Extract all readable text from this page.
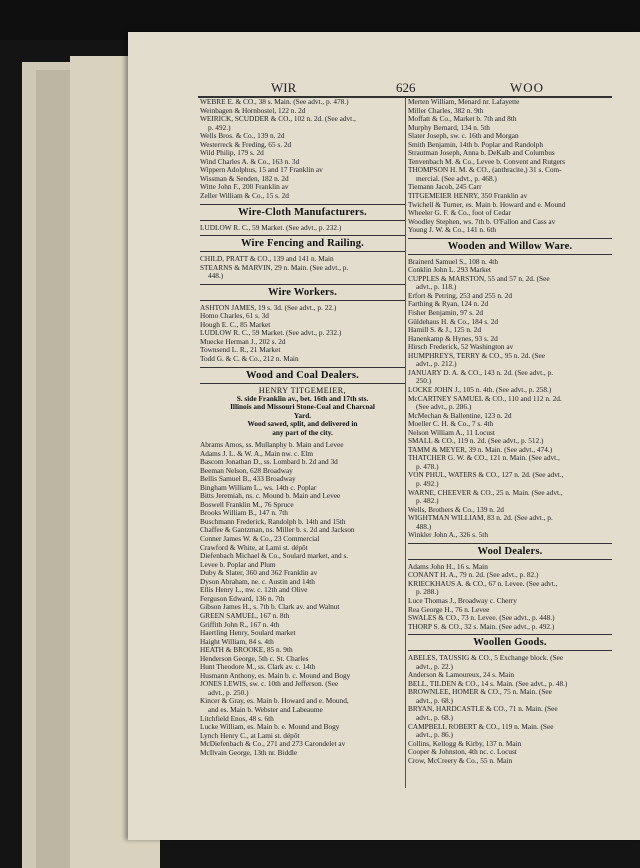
WIR	626	WOO
WEBRE E. & CO., 38 s. Main. (See advt., p. 478.)
Weinbagen & Hornbostel, 122 n. 2d
WEIRICK, SCUDDER & CO., 102 n. 2d. (See advt.,
p. 492.)
Wells Bros. & Co., 139 n. 2d
Westerreck & Freding, 65 s. 2d
Wild Philip, 179 s. 2d
Wind Charles A. & Co., 163 n. 3d
Wippern Adolphus, 15 and 17 Franklin av
Wissman & Senden, 182 n. 2d
Witte John F., 200 Franklin av
Zeller William & Co., 15 s. 2d
Wire-Cloth Manufacturers.
LUDLOW R. C., 59 Market. (See advt., p. 232.)
Wire Fencing and Railing.
CHILD, PRATT & CO., 139 and 141 n. Main
STEARNS & MARVIN, 29 n. Main. (See advt., p.
448.)
Wire Workers.
ASHTON JAMES, 19 s. 3d. (See advt., p. 22.)
Homo Charles, 61 s. 3d
Hough E. C., 85 Market
LUDLOW R. C., 59 Market. (See advt., p. 232.)
Muecke Herman J., 202 s. 2d
Townsend L. R., 21 Market
Todd G. & C. & Co., 212 n. Main
Wood and Coal Dealers.
HENRY TITGEMEIER,
S. side Franklin av., bet. 16th and 17th sts.
Illinois and Missouri Stone-Coal and Charcoal
Yard.
Wood sawed, split, and delivered in
any part of the city.
Abrams Amos, ss. Mullanphy b. Main and Levee
Adams J. L. & W. A., Main nw. c. Elm
Bascom Jonathan D., ss. Lombard b. 2d and 3d
Beeman Nelson, 628 Broadway
Bellis Samuel B., 433 Broadway
Bingham William L., ws. 14th c. Poplar
Bitts Jeremiah, ns. c. Mound b. Main and Levee
Boswell Franklin M., 76 Spruce
Brooks William B., 147 n. 7th
Buschmann Frederick, Randolph b. 14th and 15th
Chaffee & Gantzman, ns. Miller b. s. 2d and Jackson
Conner James W. & Co., 23 Commercial
Crawford & White, at Lami st. dépôt
Diefenbach Michael & Co., Soulard market, and s.
Levee b. Poplar and Plum
Duby & Slater, 360 and 362 Franklin av
Dyson Abraham, ne. c. Austin and 14th
Ellis Henry L., nw. c. 12th and Olive
Ferguson Edward, 136 n. 7th
Gibson James H., s. 7th b. Clark av. and Walnut
GREEN SAMUEL, 167 n. 8th
Griffith John R., 167 n. 4th
Haertling Henry, Soulard market
Haight William, 84 s. 4th
HEATH & BROOKE, 85 n. 9th
Henderson George, 5th c. St. Charles
Hunt Theodore M., ss. Clark av. c. 14th
Husmann Anthony, es. Main b. c. Mound and Bogy
JONES LEWIS, sw. c. 10th and Jefferson. (See
advt., p. 250.)
Kincer & Gray, es. Main b. Howard and e. Mound,
and es. Main b. Webster and Labeaume
Litchfield Enos, 48 s. 6th
Lucke William, es. Main b. e. Mound and Bogy
Lynch Henry C., at Lami st. dépôt
McDiefenbach & Co., 271 and 273 Carondelet av
McIlvain George, 13th nr. Biddle
Merten William, Menard nr. Lafayette
Miller Charles, 382 n. 9th
Moffatt & Co., Market b. 7th and 8th
Murphy Bernard, 134 n. 5th
Slater Joseph, sw. c. 16th and Morgan
Smith Benjamin, 14th b. Poplar and Randolph
Strautman Joseph, Anna b. DeKalb and Columbus
Tenvenbach M. & Co., Levee b. Convent and Rutgers
THOMPSON H. M. & CO., (anthracite,) 31 s. Com-
mercial. (See advt., p. 468.)
Tiemann Jacob, 245 Carr
TITGEMEIER HENRY, 350 Franklin av
Twichell & Turner, es. Main b. Howard and e. Mound
Wheeler G. F. & Co., foot of Cedar
Woodley Stephen, ws. 7th b. O'Fallon and Cass av
Young J. W. & Co., 141 n. 6th
Wooden and Willow Ware.
Brainerd Samuel S., 108 n. 4th
Conklin John L. 293 Market
CUPPLES & MARSTON, 55 and 57 n. 2d. (See
advt., p. 118.)
Erfort & Petring, 253 and 255 n. 2d
Farthing & Ryan, 124 n. 2d
Fisher Benjamin, 97 s. 2d
Güldehaus H. & Co., 184 s. 2d
Hamill S. & J., 125 n. 2d
Hanenkamp & Hynes, 93 s. 2d
Hirsch Frederick, 52 Washington av
HUMPHREYS, TERRY & CO., 95 n. 2d. (See
advt., p. 212.)
JANUARY D. A. & CO., 143 n. 2d. (See advt., p.
250.)
LOCKE JOHN J., 105 n. 4th. (See advt., p. 258.)
McCARTNEY SAMUEL & CO., 110 and 112 n. 2d.
(See advt., p. 286.)
McMechan & Ballentine, 123 n. 2d
Moeller C. H. & Co., 7 s. 4th
Nelson William A., 11 Locust
SMALL & CO., 119 n. 2d. (See advt., p. 512.)
TAMM & MEYER, 39 n. Main. (See advt., 474.)
THATCHER G. W. & CO., 121 n. Main. (See advt.,
p. 478.)
VON PHUL, WATERS & CO., 127 n. 2d. (See advt.,
p. 492.)
WARNE, CHEEVER & CO., 25 n. Main. (See advt.,
p. 482.)
Wells, Brothers & Co., 139 n. 2d
WIGHTMAN WILLIAM, 83 n. 2d. (See advt., p.
488.)
Winkler John A., 326 s. 5th
Wool Dealers.
Adams John H., 16 s. Main
CONANT H. A., 79 n. 2d. (See advt., p. 82.)
KRIECKHAUS A. & CO., 67 n. Levee. (See advt.,
p. 288.)
Luce Thomas J., Broadway c. Cherry
Rea George H., 76 n. Levee
SWALES & CO., 73 n. Levee. (See advt., p. 448.)
THORP S. & CO., 32 s. Main. (See advt., p. 492.)
Woollen Goods.
ABELES, TAUSSIG & CO., 5 Exchange block. (See
advt., p. 22.)
Anderson & Lamoureux, 24 s. Main
BELL, TILDEN & CO., 14 s. Main. (See advt., p. 48.)
BROWNLEE, HOMER & CO., 75 n. Main. (See
advt., p. 68.)
BRYAN, HARDCASTLE & CO., 71 n. Main. (See
advt., p. 68.)
CAMPBELL ROBERT & CO., 119 n. Main. (See
advt., p. 86.)
Collins, Kellogg & Kirby, 137 n. Main
Cooper & Johnston, 4th nc. c. Locust
Crow, McCreery & Co., 55 n. Main
